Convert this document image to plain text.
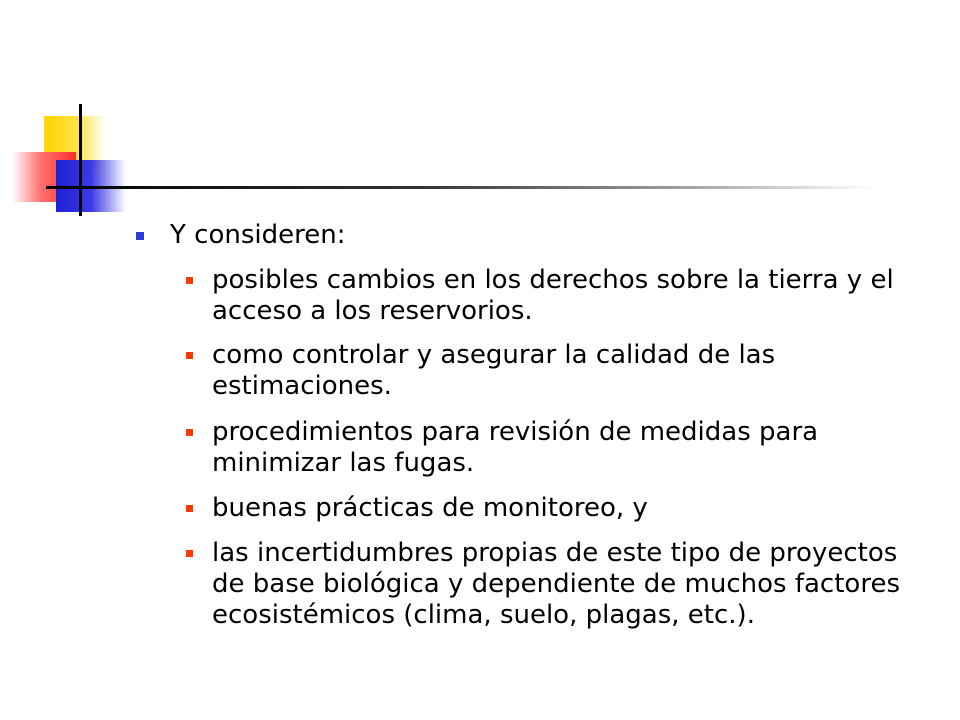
Y consideren:
posibles cambios en los derechos sobre la tierra y el acceso a los reservorios.
como controlar y asegurar la calidad de las estimaciones.
procedimientos para revisión de medidas para minimizar las fugas.
buenas prácticas de monitoreo, y
las incertidumbres propias de este tipo de proyectos de base biológica y dependiente de muchos factores ecosistémicos (clima, suelo, plagas, etc.).
